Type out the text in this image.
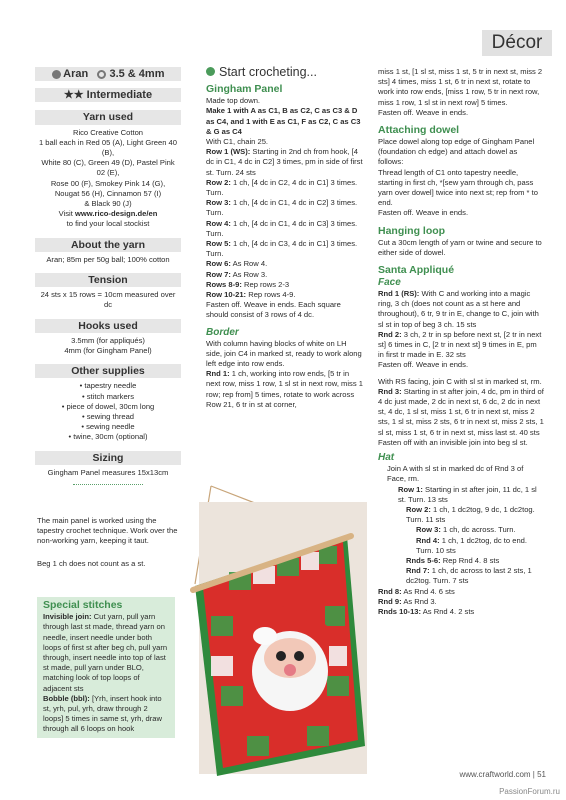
Décor
Aran 3.5 & 4mm
★★ Intermediate
Yarn used
Rico Creative Cotton
1 ball each in Red 05 (A), Light Green 40 (B),
White 80 (C), Green 49 (D), Pastel Pink 02 (E),
Rose 00 (F), Smokey Pink 14 (G),
Nougat 56 (H), Cinnamon 57 (I)
& Black 90 (J)
Visit www.rico-design.de/en
to find your local stockist
About the yarn
Aran; 85m per 50g ball; 100% cotton
Tension
24 sts x 15 rows = 10cm measured over dc
Hooks used
3.5mm (for appliqués)
4mm (for Gingham Panel)
Other supplies
• tapestry needle
• stitch markers
• piece of dowel, 30cm long
• sewing thread
• sewing needle
• twine, 30cm (optional)
Sizing
Gingham Panel measures 15x13cm

The main panel is worked using the tapestry crochet technique. Work over the non-working yarn, keeping it taut.

Beg 1 ch does not count as a st.

Special stitches
Invisible join: Cut yarn, pull yarn through last st made, thread yarn on needle, insert needle under both loops of first st after beg ch, pull yarn through, insert needle into top of last st made, pull yarn under BLO, matching look of top loops of adjacent sts
Bobble (bbl): [Yrh, insert hook into st, yrh, pul, yrh, draw through 2 loops] 5 times in same st, yrh, draw through all 6 loops on hook
Start crocheting...
Gingham Panel

Made top down.

Make 1 with A as C1, B as C2, C as C3 & D as C4, and 1 with E as C1, F as C2, C as C3 & G as C4

With C1, chain 25.

Row 1 (WS): Starting in 2nd ch from hook, [4 dc in C1, 4 dc in C2] 3 times, pm in side of first st. Turn. 24 sts

Row 2: 1 ch, [4 dc in C2, 4 dc in C1] 3 times. Turn.

Row 3: 1 ch, [4 dc in C1, 4 dc in C2] 3 times. Turn.

Row 4: 1 ch, [4 dc in C1, 4 dc in C3] 3 times. Turn.

Row 5: 1 ch, [4 dc in C3, 4 dc in C1] 3 times. Turn.

Row 6: As Row 4.

Row 7: As Row 3.

Rows 8-9: Rep rows 2-3

Row 10-21: Rep rows 4-9.

Fasten off. Weave in ends. Each square should consist of 3 rows of 4 dc.

Border

With column having blocks of white on LH side, join C4 in marked st, ready to work along left edge into row ends.

Rnd 1: 1 ch, working into row ends, [5 tr in next row, miss 1 row, 1 sl st in next row, miss 1 row; rep from] 5 times, rotate to work across Row 21, 6 tr in st at corner,

miss 1 st, [1 sl st, miss 1 st, 5 tr in next st, miss 2 sts] 4 times, miss 1 st, 6 tr in next st, rotate to work into row ends, [miss 1 row, 5 tr in next row, miss 1 row, 1 sl st in next row] 5 times.

Fasten off. Weave in ends.

Attaching dowel

Place dowel along top edge of Gingham Panel (foundation ch edge) and attach dowel as follows:

Thread length of C1 onto tapestry needle, starting in first ch, *[sew yarn through ch, pass yarn over dowel] twice into next st; rep from * to end.

Fasten off. Weave in ends.

Hanging loop

Cut a 30cm length of yarn or twine and secure to either side of dowel.

Santa Appliqué
Face

Rnd 1 (RS): With C and working into a magic ring, 3 ch (does not count as a st here and throughout), 6 tr, 9 tr in E, change to C, join with sl st in top of beg 3 ch. 15 sts

Rnd 2: 3 ch, 2 tr in sp before next st, [2 tr in next st] 6 times in C, [2 tr in next st] 9 times in E, pm in first tr made in E. 32 sts

Fasten off. Weave in ends.

With RS facing, join C with sl st in marked st, rm.

Rnd 3: Starting in st after join, 4 dc, pm in third of 4 dc just made, 2 dc in next st, 6 dc, 2 dc in next st, 4 dc, 1 sl st, miss 1 st, 6 tr in next st, miss 2 sts, 1 sl st, miss 2 sts, 6 tr in next st, miss 2 sts, 1 sl st, miss 1 st, 6 tr in next st, miss last st. 40 sts

Fasten off with an invisible join into beg sl st.

Hat

Join A with sl st in marked dc of Rnd 3 of Face, rm.

Row 1: Starting in st after join, 11 dc, 1 sl st. Turn. 13 sts

Row 2: 1 ch, 1 dc2tog, 9 dc, 1 dc2tog. Turn. 11 sts

Row 3: 1 ch, dc across. Turn.

Rnd 4: 1 ch, 1 dc2tog, dc to end. Turn. 10 sts

Rnds 5-6: Rep Rnd 4. 8 sts

Rnd 7: 1 ch, dc across to last 2 sts, 1 dc2tog. Turn. 7 sts

Rnd 8: As Rnd 4. 6 sts

Rnd 9: As Rnd 3.

Rnds 10-13: As Rnd 4. 2 sts

www.craftworld.com | 51
PassionForum.ru
